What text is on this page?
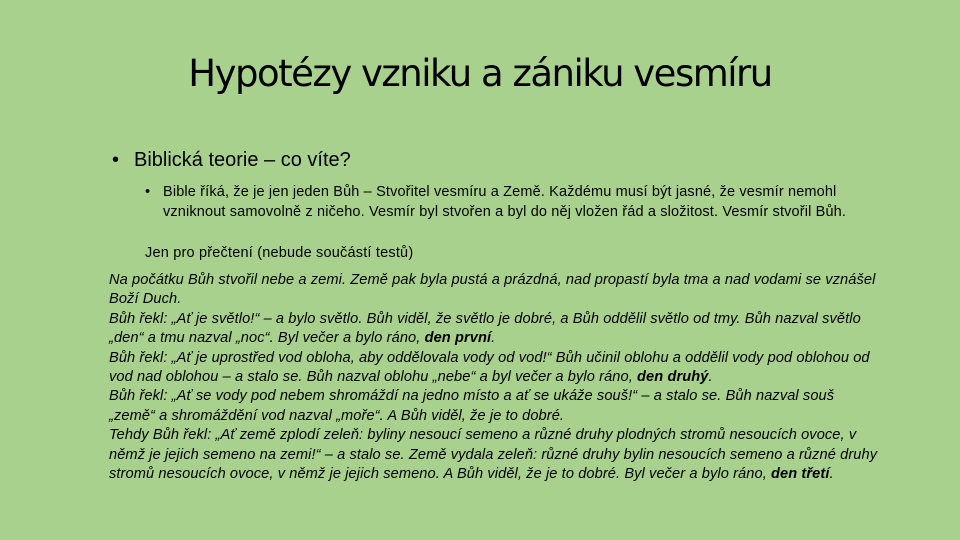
Hypotézy vzniku a zániku vesmíru
• Biblická teorie – co víte?
• Bible říká, že je jen jeden Bůh – Stvořitel vesmíru a Země. Každému musí být jasné, že vesmír nemohl vzniknout samovolně z ničeho. Vesmír byl stvořen a byl do něj vložen řád a složitost. Vesmír stvořil Bůh.
Jen pro přečtení (nebude součástí testů)

Na počátku Bůh stvořil nebe a zemi. Země pak byla pustá a prázdná, nad propastí byla tma a nad vodami se vznášel Boží Duch.

Bůh řekl: „Ať je světlo!“ – a bylo světlo. Bůh viděl, že světlo je dobré, a Bůh oddělil světlo od tmy. Bůh nazval světlo „den“ a tmu nazval „noc“. Byl večer a bylo ráno, den první.

Bůh řekl: „Ať je uprostřed vod obloha, aby oddělovala vody od vod!“ Bůh učinil oblohu a oddělil vody pod oblohou od vod nad oblohou – a stalo se. Bůh nazval oblohu „nebe“ a byl večer a bylo ráno, den druhý.

Bůh řekl: „Ať se vody pod nebem shromáždí na jedno místo a ať se ukáže souš!“ – a stalo se. Bůh nazval souš „země“ a shromáždění vod nazval „moře“. A Bůh viděl, že je to dobré.

Tehdy Bůh řekl: „Ať země zplodí zeleň: byliny nesoucí semeno a různé druhy plodných stromů nesoucích ovoce, v němž je jejich semeno na zemi!“ – a stalo se. Země vydala zeleň: různé druhy bylin nesoucích semeno a různé druhy stromů nesoucích ovoce, v němž je jejich semeno. A Bůh viděl, že je to dobré. Byl večer a bylo ráno, den třetí.
